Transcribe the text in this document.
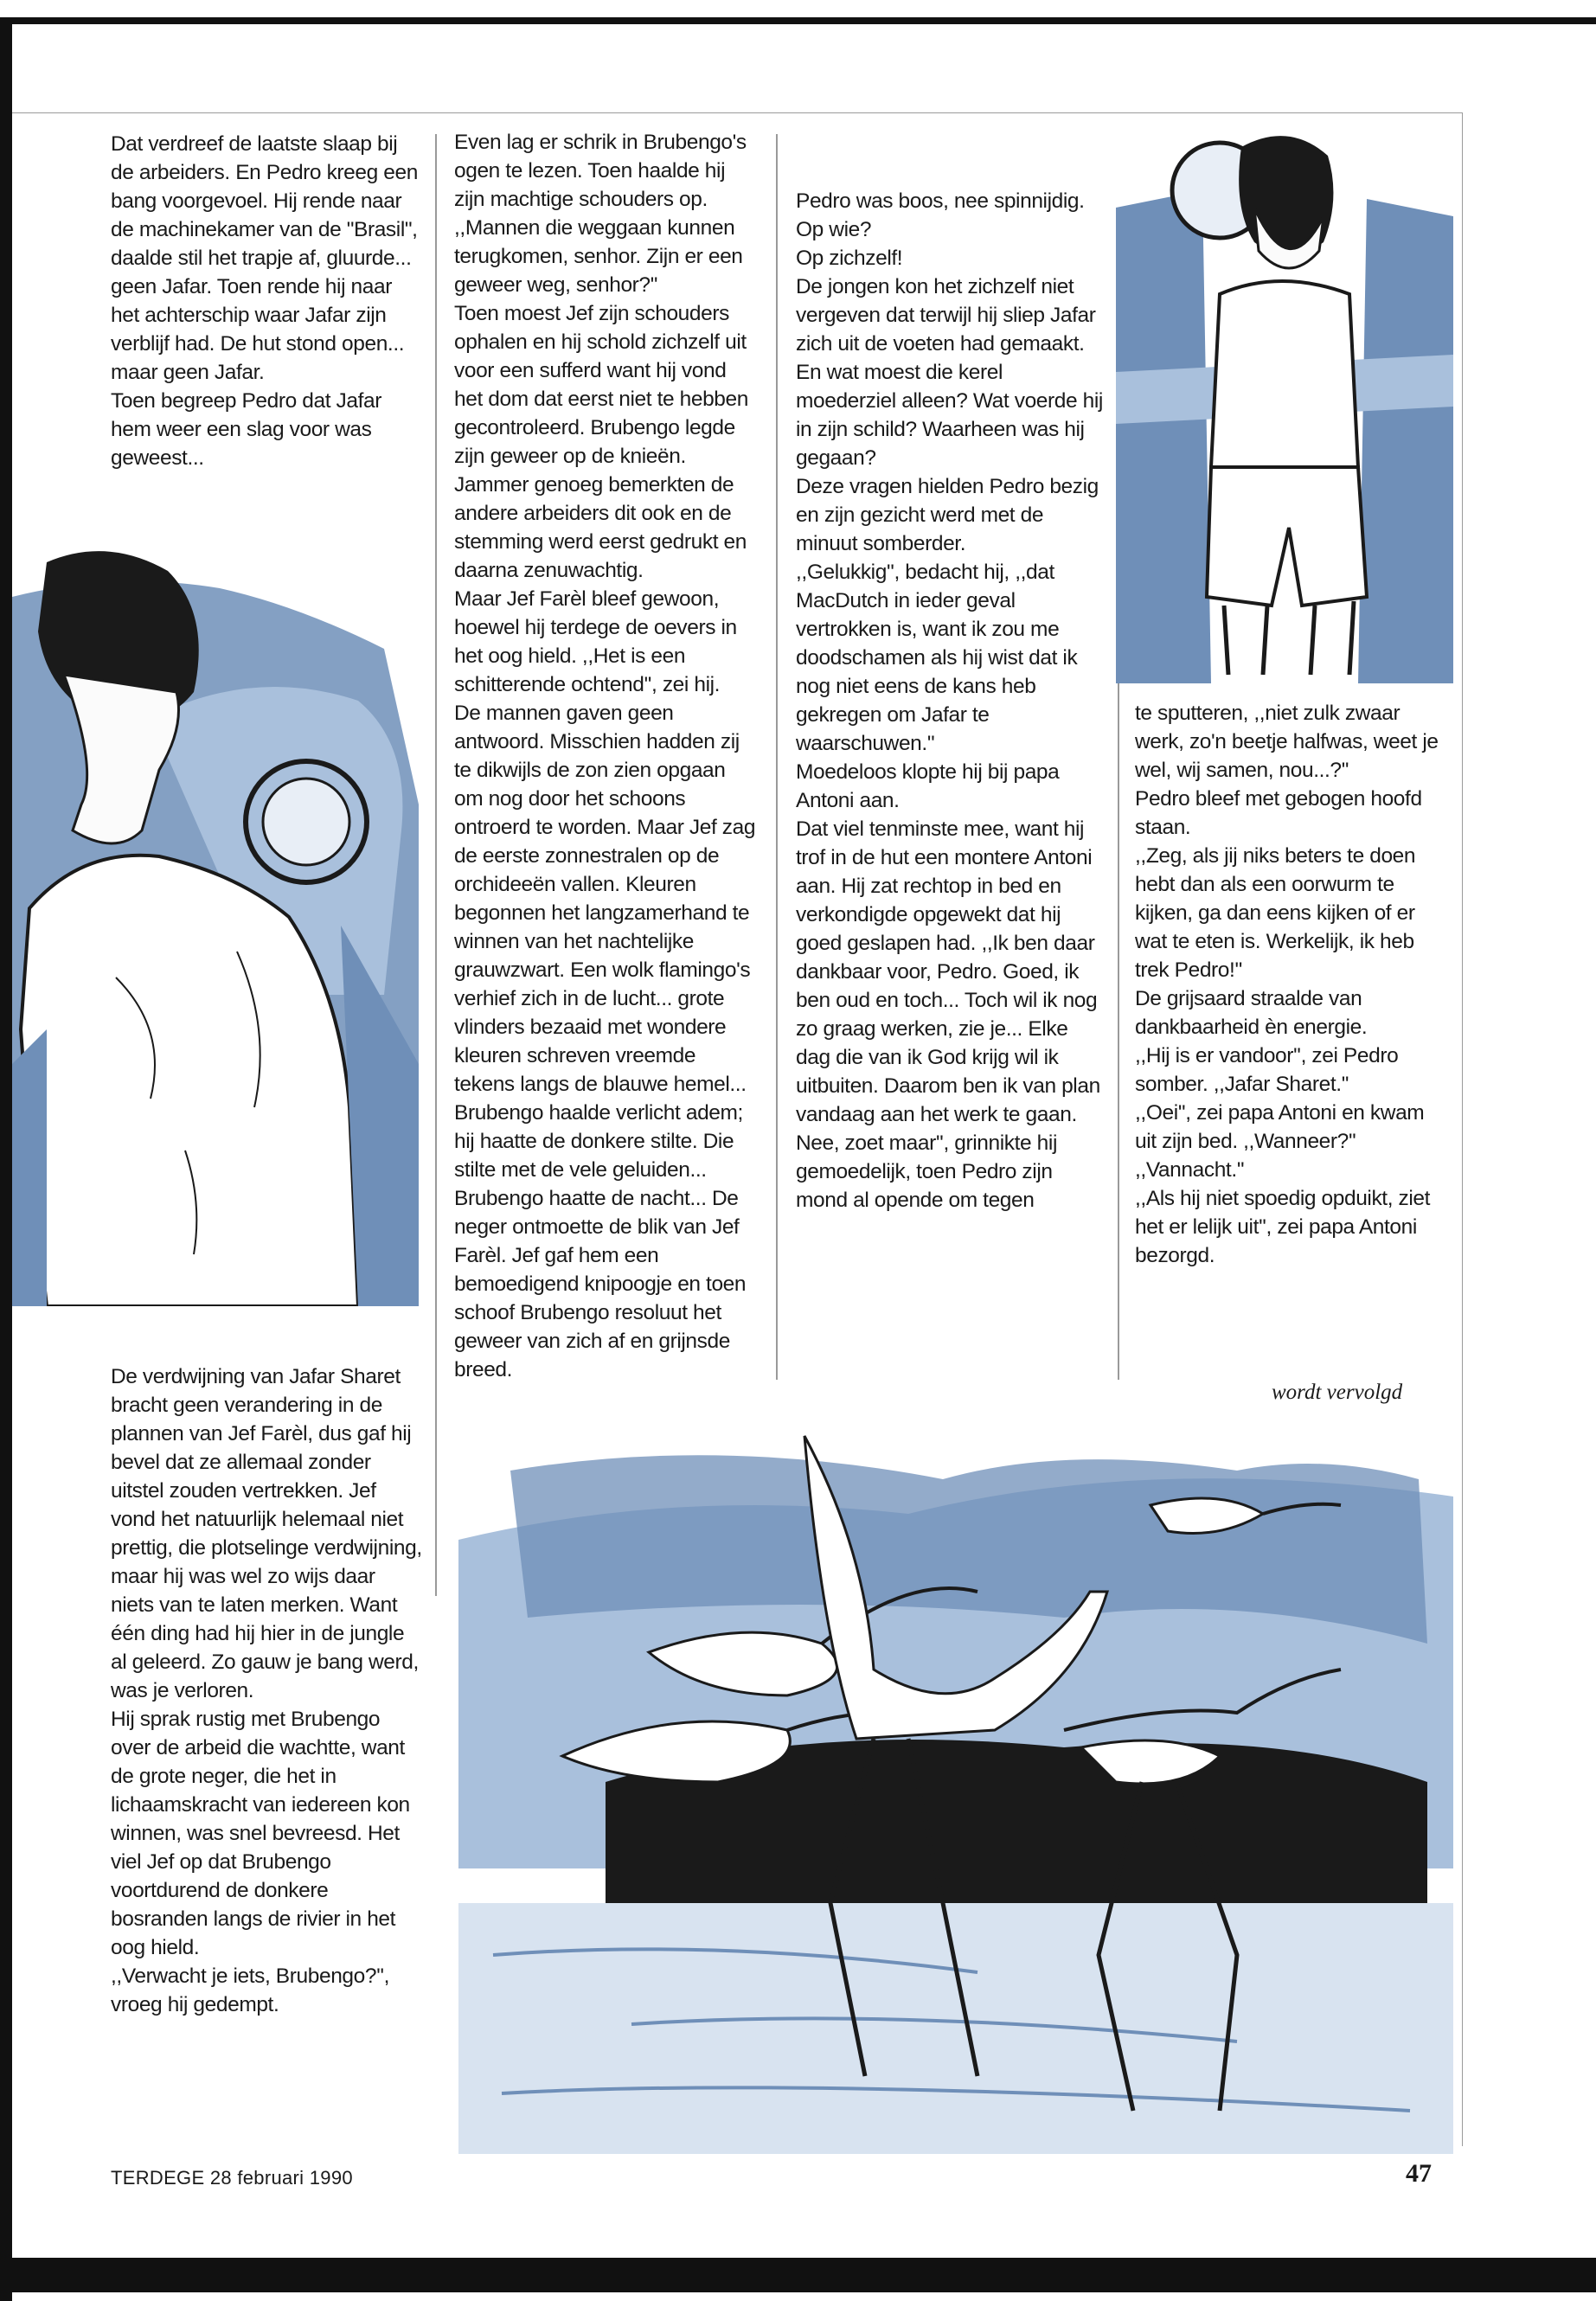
Dat verdreef de laatste slaap bij de arbeiders. En Pedro kreeg een bang voorgevoel. Hij rende naar de machinekamer van de "Brasil", daalde stil het trapje af, gluurde... geen Jafar. Toen rende hij naar het achterschip waar Jafar zijn verblijf had. De hut stond open... maar geen Jafar.

Toen begreep Pedro dat Jafar hem weer een slag voor was geweest...

De verdwijning van Jafar Sharet bracht geen verandering in de plannen van Jef Farèl, dus gaf hij bevel dat ze allemaal zonder uitstel zouden vertrekken. Jef vond het natuurlijk helemaal niet prettig, die plotselinge verdwijning, maar hij was wel zo wijs daar niets van te laten merken. Want één ding had hij hier in de jungle al geleerd. Zo gauw je bang werd, was je verloren.

Hij sprak rustig met Brubengo over de arbeid die wachtte, want de grote neger, die het in lichaamskracht van iedereen kon winnen, was snel bevreesd. Het viel Jef op dat Brubengo voortdurend de donkere bosranden langs de rivier in het oog hield.

,,Verwacht je iets, Brubengo?'', vroeg hij gedempt.

Even lag er schrik in Brubengo's ogen te lezen. Toen haalde hij zijn machtige schouders op. ,,Mannen die weggaan kunnen terugkomen, senhor. Zijn er een geweer weg, senhor?''

Toen moest Jef zijn schouders ophalen en hij schold zichzelf uit voor een sufferd want hij vond het dom dat eerst niet te hebben gecontroleerd. Brubengo legde zijn geweer op de knieën. Jammer genoeg bemerkten de andere arbeiders dit ook en de stemming werd eerst gedrukt en daarna zenuwachtig.

Maar Jef Farèl bleef gewoon, hoewel hij terdege de oevers in het oog hield. ,,Het is een schitterende ochtend'', zei hij.

De mannen gaven geen antwoord. Misschien hadden zij te dikwijls de zon zien opgaan om nog door het schoons ontroerd te worden. Maar Jef zag de eerste zonnestralen op de orchideeën vallen. Kleuren begonnen het langzamerhand te winnen van het nachtelijke grauwzwart. Een wolk flamingo's verhief zich in de lucht... grote vlinders bezaaid met wondere kleuren schreven vreemde tekens langs de blauwe hemel...

Brubengo haalde verlicht adem; hij haatte de donkere stilte. Die stilte met de vele geluiden... Brubengo haatte de nacht... De neger ontmoette de blik van Jef Farèl. Jef gaf hem een bemoedigend knipoogje en toen schoof Brubengo resoluut het geweer van zich af en grijnsde breed.

Pedro was boos, nee spinnijdig.

Op wie?

Op zichzelf!

De jongen kon het zichzelf niet vergeven dat terwijl hij sliep Jafar zich uit de voeten had gemaakt. En wat moest die kerel moederziel alleen? Wat voerde hij in zijn schild? Waarheen was hij gegaan?

Deze vragen hielden Pedro bezig en zijn gezicht werd met de minuut somberder.

,,Gelukkig'', bedacht hij, ,,dat MacDutch in ieder geval vertrokken is, want ik zou me doodschamen als hij wist dat ik nog niet eens de kans heb gekregen om Jafar te waarschuwen.''

Moedeloos klopte hij bij papa Antoni aan.

Dat viel tenminste mee, want hij trof in de hut een montere Antoni aan. Hij zat rechtop in bed en verkondigde opgewekt dat hij goed geslapen had. ,,Ik ben daar dankbaar voor, Pedro. Goed, ik ben oud en toch... Toch wil ik nog zo graag werken, zie je... Elke dag die van ik God krijg wil ik uitbuiten. Daarom ben ik van plan vandaag aan het werk te gaan. Nee, zoet maar'', grinnikte hij gemoedelijk, toen Pedro zijn mond al opende om tegen

te sputteren, ,,niet zulk zwaar werk, zo'n beetje halfwas, weet je wel, wij samen, nou...?''

Pedro bleef met gebogen hoofd staan.

,,Zeg, als jij niks beters te doen hebt dan als een oorwurm te kijken, ga dan eens kijken of er wat te eten is. Werkelijk, ik heb trek Pedro!''

De grijsaard straalde van dankbaarheid èn energie.

,,Hij is er vandoor'', zei Pedro somber. ,,Jafar Sharet.''

,,Oei'', zei papa Antoni en kwam uit zijn bed. ,,Wanneer?''

,,Vannacht.''

,,Als hij niet spoedig opduikt, ziet het er lelijk uit'', zei papa Antoni bezorgd.

wordt vervolgd
TERDEGE 28 februari 1990	47
